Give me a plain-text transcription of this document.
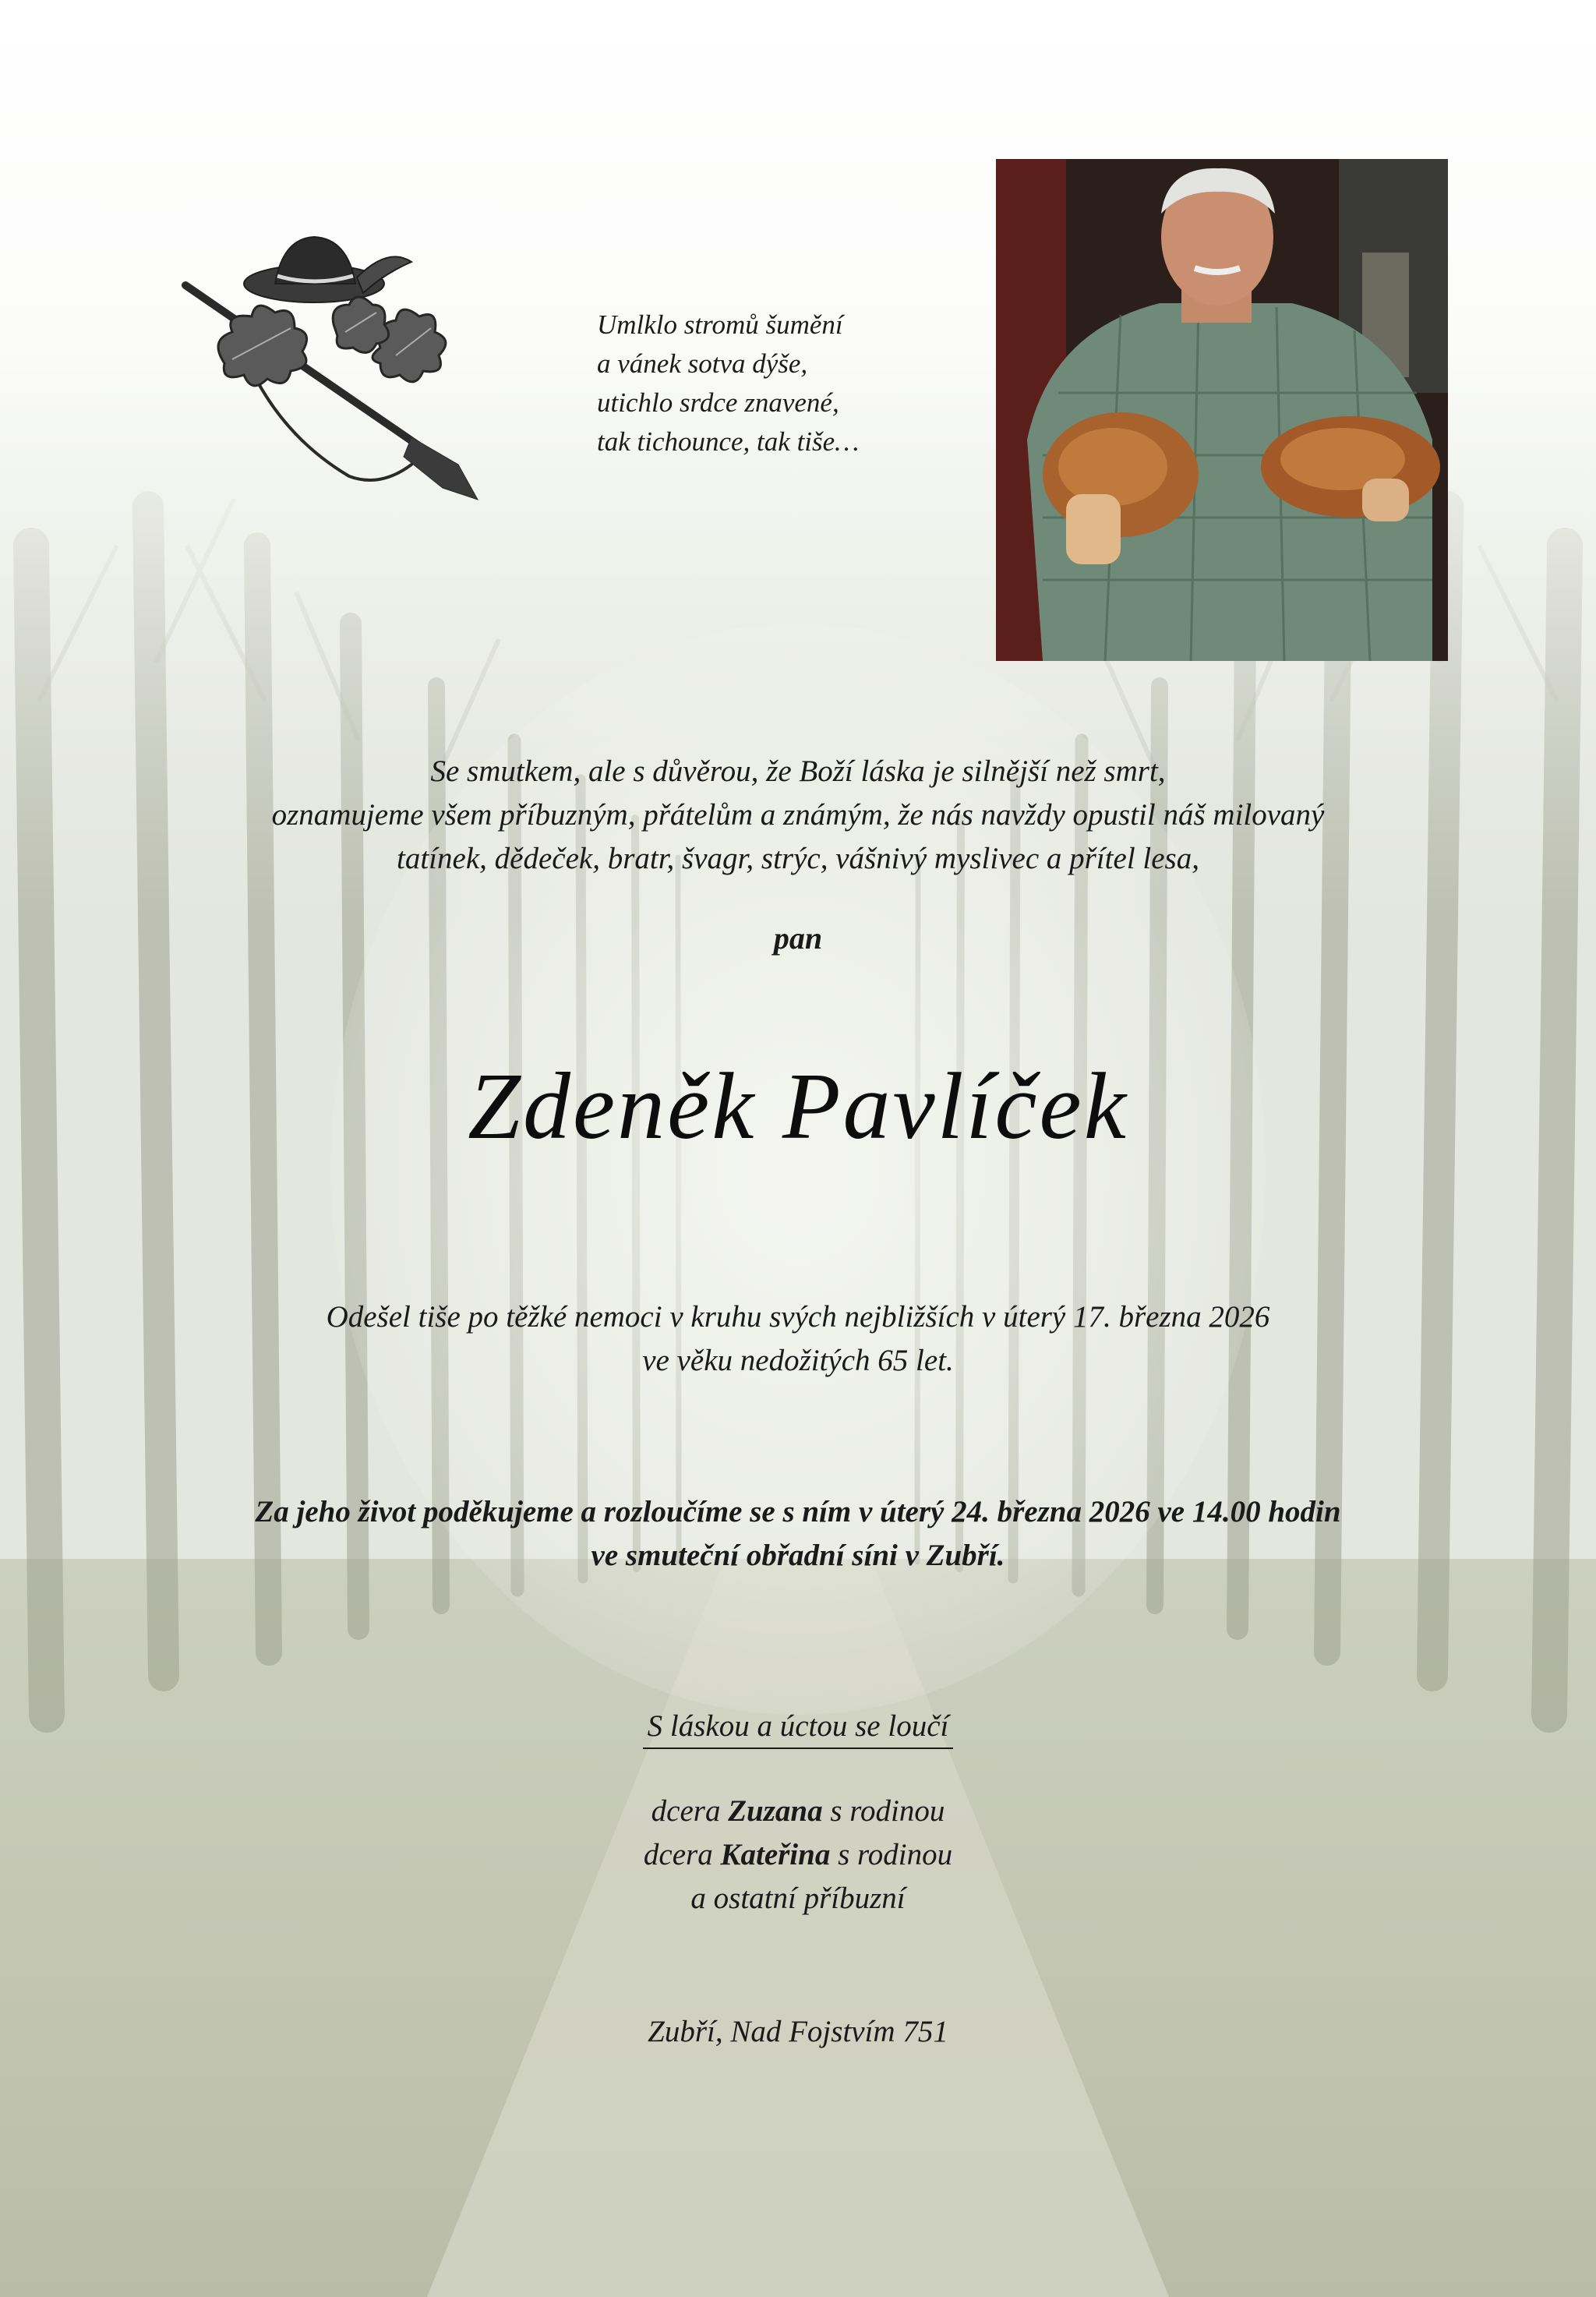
Umlklo stromů šumění
a vánek sotva dýše,
utichlo srdce znavené,
tak tichounce, tak tiše…
Se smutkem, ale s důvěrou, že Boží láska je silnější než smrt,
oznamujeme všem příbuzným, přátelům a známým, že nás navždy opustil náš milovaný
tatínek, dědeček, bratr, švagr, strýc, vášnivý myslivec a přítel lesa,
pan
Zdeněk Pavlíček
Odešel tiše po těžké nemoci v kruhu svých nejbližších v úterý 17. března 2026
ve věku nedožitých 65 let.
Za jeho život poděkujeme a rozloučíme se s ním v úterý 24. března 2026 ve 14.00 hodin
ve smuteční obřadní síni v Zubří.
S láskou a úctou se loučí
dcera Zuzana s rodinou
dcera Kateřina s rodinou
a ostatní příbuzní
Zubří, Nad Fojstvím 751
